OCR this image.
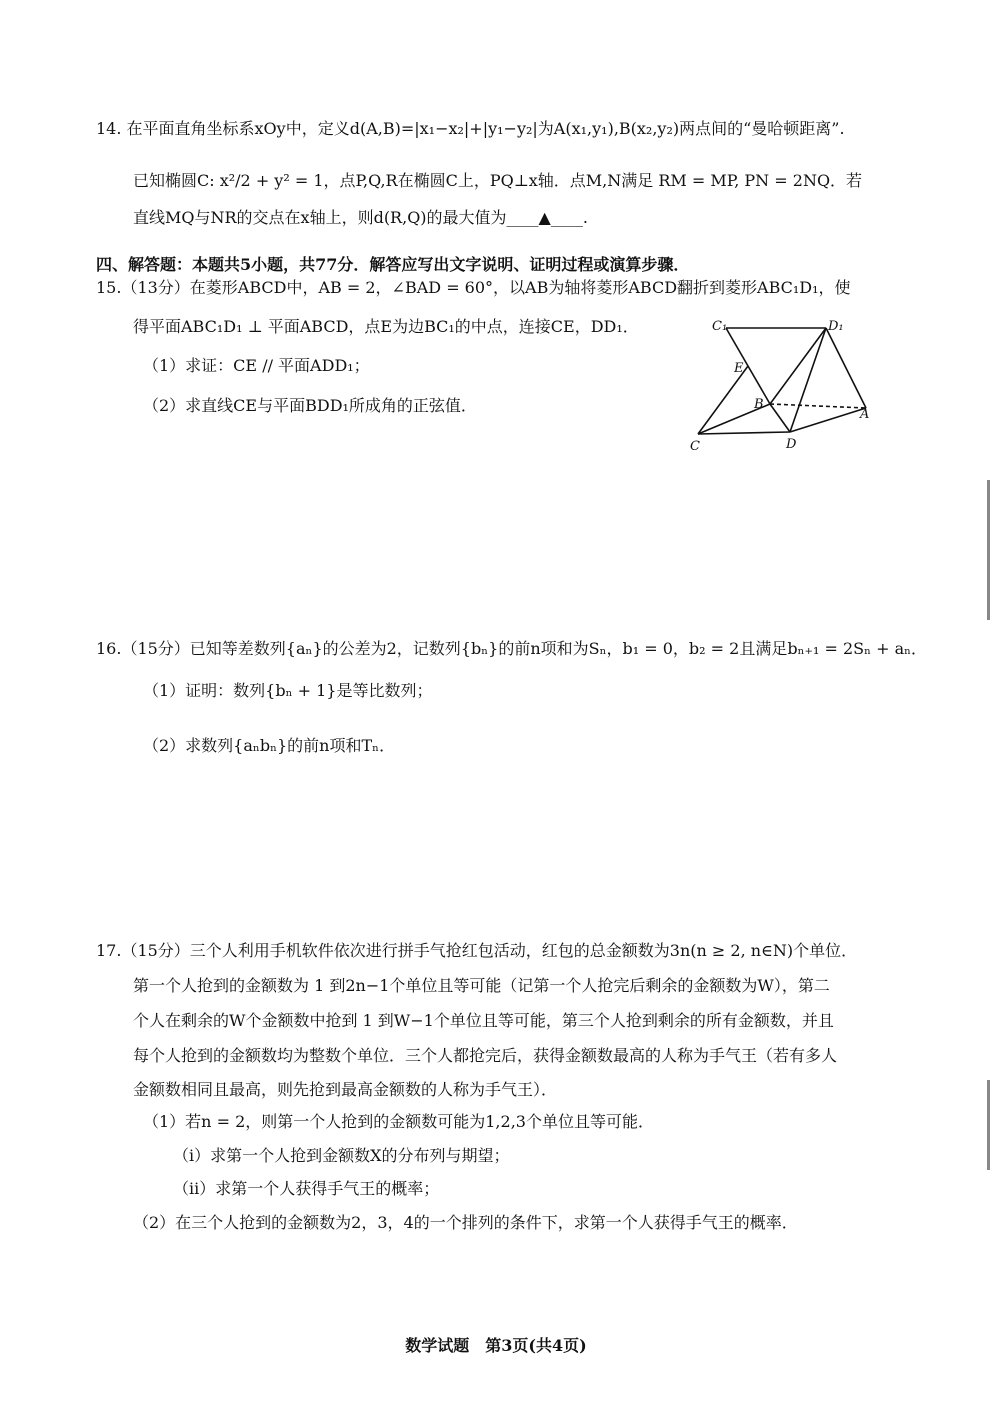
14. 在平面直角坐标系xOy中，定义d(A,B)=|x₁−x₂|+|y₁−y₂|为A(x₁,y₁),B(x₂,y₂)两点间的“曼哈顿距离”.
已知椭圆C: x²/2 + y² = 1，点P,Q,R在椭圆C上，PQ⊥x轴．点M,N满足 RM = MP, PN = 2NQ．若
直线MQ与NR的交点在x轴上，则d(R,Q)的最大值为____▲____.
四、解答题：本题共5小题，共77分．解答应写出文字说明、证明过程或演算步骤．
15.（13分）在菱形ABCD中，AB = 2，∠BAD = 60°，以AB为轴将菱形ABCD翻折到菱形ABC₁D₁，使
得平面ABC₁D₁ ⊥ 平面ABCD，点E为边BC₁的中点，连接CE，DD₁．
（1）求证：CE // 平面ADD₁；
（2）求直线CE与平面BDD₁所成角的正弦值．
C₁	D₁
E
B
A
C	D
16.（15分）已知等差数列{aₙ}的公差为2，记数列{bₙ}的前n项和为Sₙ，b₁ = 0，b₂ = 2且满足bₙ₊₁ = 2Sₙ + aₙ．
（1）证明：数列{bₙ + 1}是等比数列；
（2）求数列{aₙbₙ}的前n项和Tₙ．
17.（15分）三个人利用手机软件依次进行拼手气抢红包活动，红包的总金额数为3n(n ≥ 2, n∈N)个单位．
第一个人抢到的金额数为 1 到2n−1个单位且等可能（记第一个人抢完后剩余的金额数为W），第二
个人在剩余的W个金额数中抢到 1 到W−1个单位且等可能，第三个人抢到剩余的所有金额数，并且
每个人抢到的金额数均为整数个单位．三个人都抢完后，获得金额数最高的人称为手气王（若有多人
金额数相同且最高，则先抢到最高金额数的人称为手气王）．
（1）若n = 2，则第一个人抢到的金额数可能为1,2,3个单位且等可能．
（i）求第一个人抢到金额数X的分布列与期望；
（ii）求第一个人获得手气王的概率；
（2）在三个人抢到的金额数为2，3，4的一个排列的条件下，求第一个人获得手气王的概率．
数学试题　第3页(共4页)
